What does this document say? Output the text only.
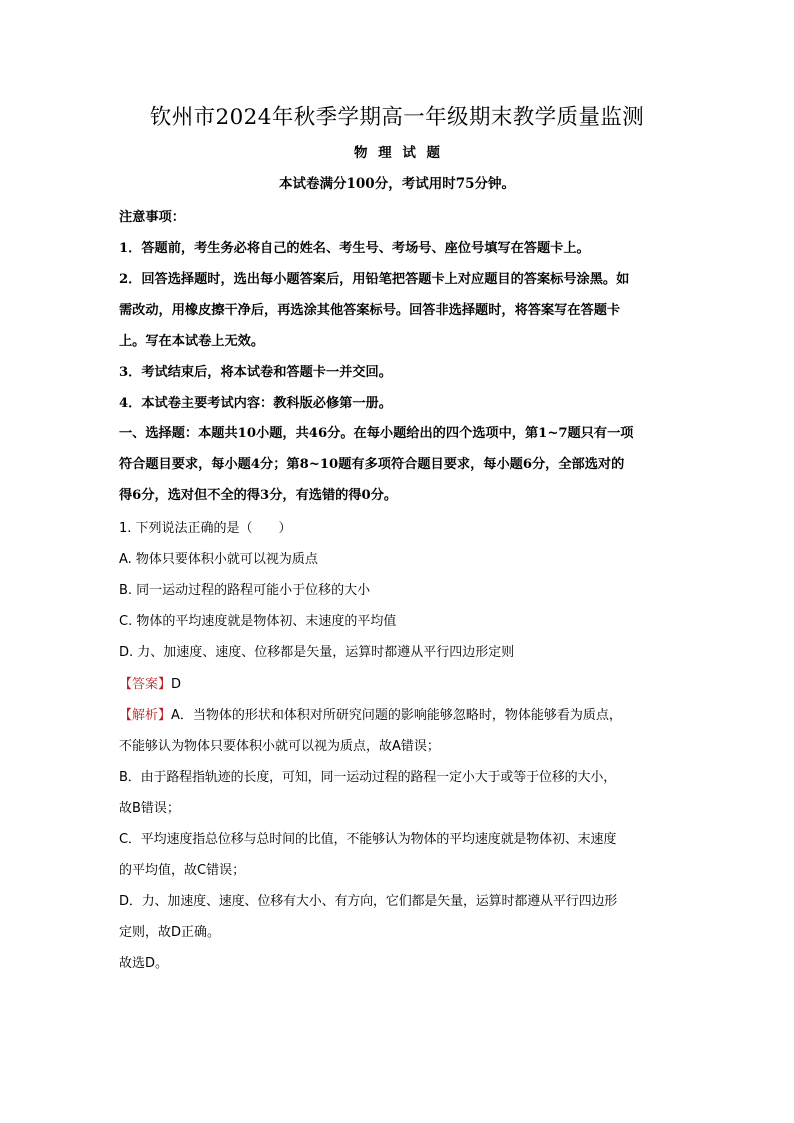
钦州市2024年秋季学期高一年级期末教学质量监测
物 理 试 题
本试卷满分100分，考试用时75分钟。

注意事项：

1．答题前，考生务必将自己的姓名、考生号、考场号、座位号填写在答题卡上。

2．回答选择题时，选出每小题答案后，用铅笔把答题卡上对应题目的答案标号涂黑。如

需改动，用橡皮擦干净后，再选涂其他答案标号。回答非选择题时，将答案写在答题卡

上。写在本试卷上无效。

3．考试结束后，将本试卷和答题卡一并交回。

4．本试卷主要考试内容：教科版必修第一册。

一、选择题：本题共10小题，共46分。在每小题给出的四个选项中，第1~7题只有一项

符合题目要求，每小题4分；第8~10题有多项符合题目要求，每小题6分，全部选对的

得6分，选对但不全的得3分，有选错的得0分。

1. 下列说法正确的是（　　）

A. 物体只要体积小就可以视为质点

B. 同一运动过程的路程可能小于位移的大小

C. 物体的平均速度就是物体初、末速度的平均值

D. 力、加速度、速度、位移都是矢量，运算时都遵从平行四边形定则

【答案】D

【解析】A．当物体的形状和体积对所研究问题的影响能够忽略时，物体能够看为质点，

不能够认为物体只要体积小就可以视为质点，故A错误；

B．由于路程指轨迹的长度，可知，同一运动过程的路程一定小大于或等于位移的大小，

故B错误；

C．平均速度指总位移与总时间的比值，不能够认为物体的平均速度就是物体初、末速度

的平均值，故C错误；

D．力、加速度、速度、位移有大小、有方向，它们都是矢量，运算时都遵从平行四边形

定则，故D正确。

故选D。
